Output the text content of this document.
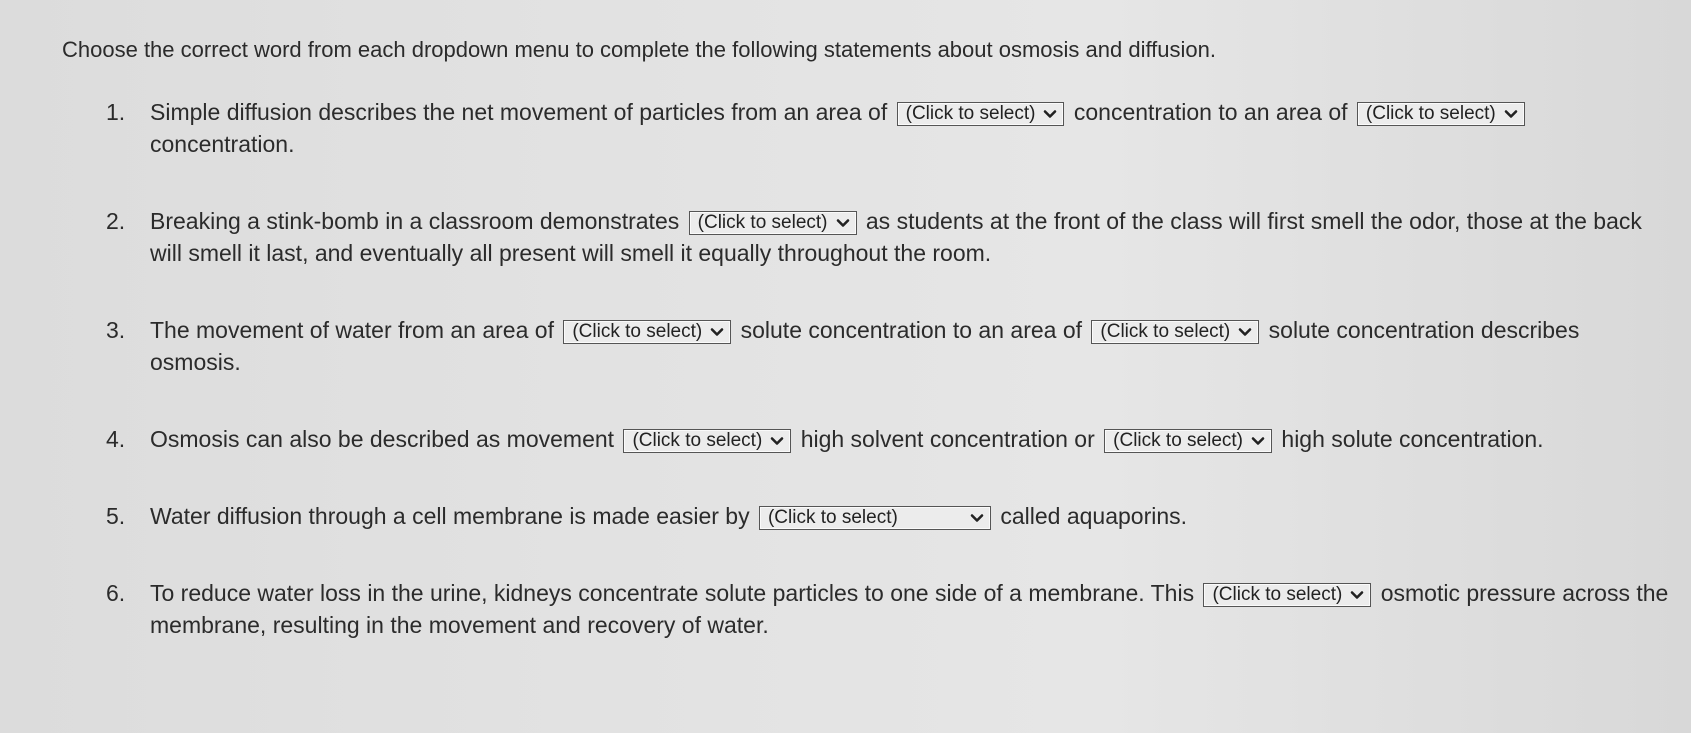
Choose the correct word from each dropdown menu to complete the following statements about osmosis and diffusion.

1. Simple diffusion describes the net movement of particles from an area of (Click to select) concentration to an area of (Click to select)
concentration.
2. Breaking a stink-bomb in a classroom demonstrates (Click to select) as students at the front of the class will first smell the odor, those at the back will smell it last, and eventually all present will smell it equally throughout the room.
3. The movement of water from an area of (Click to select) solute concentration to an area of (Click to select) solute concentration describes osmosis.
4. Osmosis can also be described as movement (Click to select) high solvent concentration or (Click to select) high solute concentration.
5. Water diffusion through a cell membrane is made easier by (Click to select)	called aquaporins.
6. To reduce water loss in the urine, kidneys concentrate solute particles to one side of a membrane. This (Click to select) osmotic pressure across the membrane, resulting in the movement and recovery of water.
